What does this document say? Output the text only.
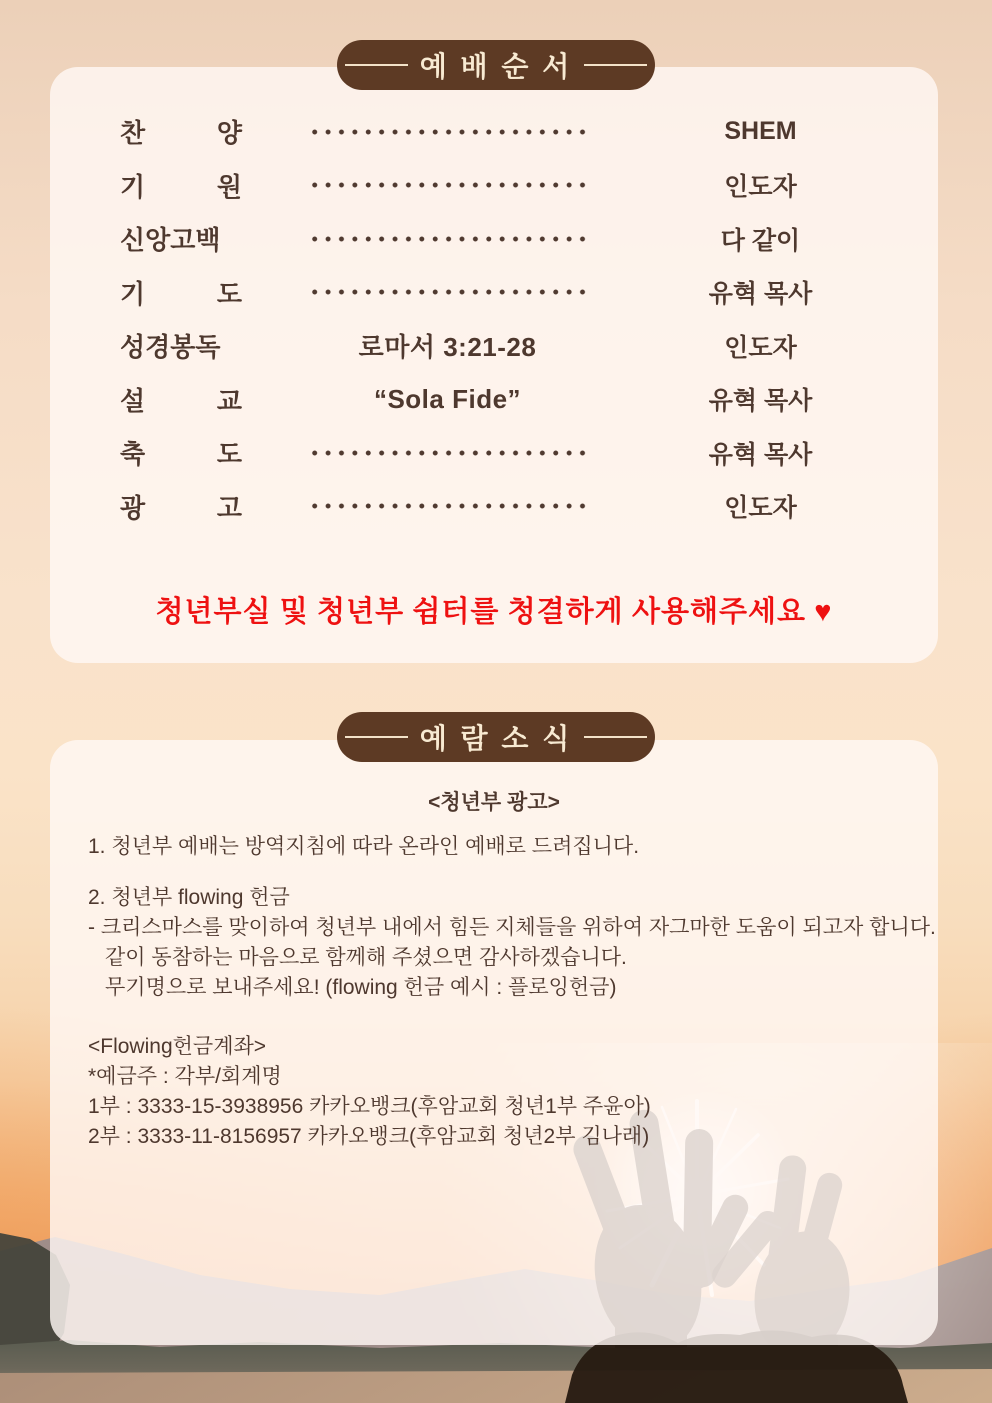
찬 양	SHEM
기 원	인도자
신앙고백	다 같이
기 도	유혁 목사
성경봉독	로마서 3:21-28	인도자
설 교	“Sola Fide”	유혁 목사
축 도	유혁 목사
광 고	인도자
청년부실 및 청년부 쉼터를 청결하게 사용해주세요 ♥
예 배 순 서
<청년부 광고>
1. 청년부 예배는 방역지침에 따라 온라인 예배로 드려집니다.
2. 청년부 flowing 헌금
- 크리스마스를 맞이하여 청년부 내에서 힘든 지체들을 위하여 자그마한 도움이 되고자 합니다.
같이 동참하는 마음으로 함께해 주셨으면 감사하겠습니다.
무기명으로 보내주세요! (flowing 헌금 예시 : 플로잉헌금)
<Flowing헌금계좌>
*예금주 : 각부/회계명
1부 : 3333-15-3938956 카카오뱅크(후암교회 청년1부 주윤아)
2부 : 3333-11-8156957 카카오뱅크(후암교회 청년2부 김나래)
예 람 소 식
